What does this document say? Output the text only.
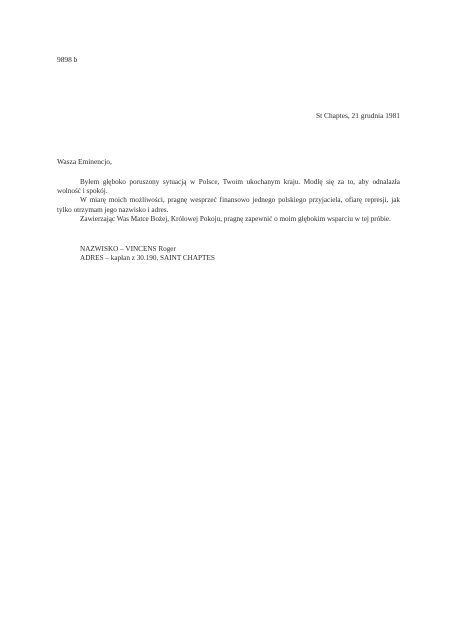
9898 b
St Chaptes, 21 grudnia 1981
Wasza Eminencjo,

Byłem głęboko poruszony sytuacją w Polsce, Twoim ukochanym kraju. Modlę się za to, aby odnalazła wolność i spokój.

W miarę moich możliwości, pragnę wesprzeć finansowo jednego polskiego przyjaciela, ofiarę represji, jak tylko otrzymam jego nazwisko i adres.

Zawierzając Was Matce Bożej, Królowej Pokoju, pragnę zapewnić o moim głębokim wsparciu w tej próbie.

NAZWISKO – VINCENS Roger
ADRES – kapłan z 30.190, SAINT CHAPTES
